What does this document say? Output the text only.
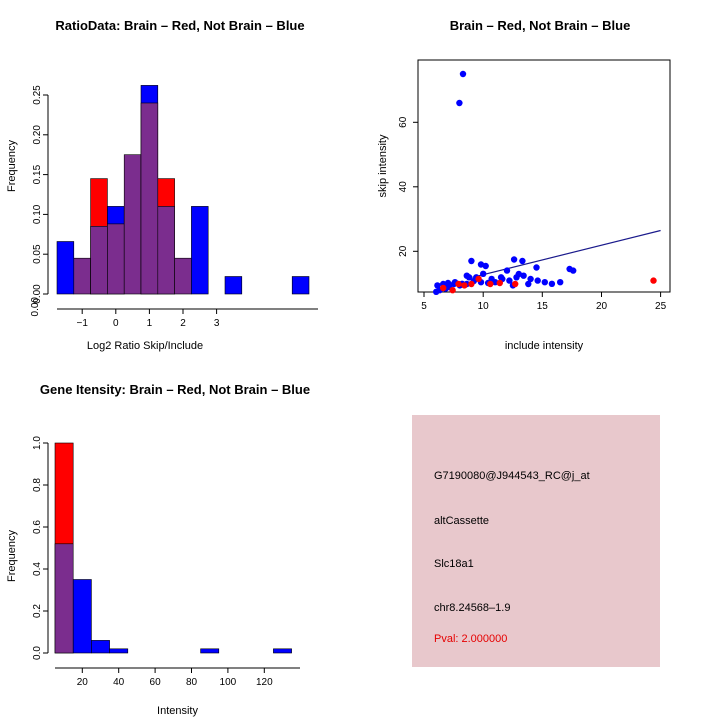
RatioData: Brain – Red, Not Brain – Blue
0.00
0.00
0.05
0.10
0.15
0.20
0.25
−1	0	1	2	3
Log2 Ratio Skip/Include
Frequency
Brain – Red, Not Brain – Blue
20
40
60
5	10	15	20	25
include intensity
skip intensity
Gene Itensity: Brain – Red, Not Brain – Blue
0.0
0.2
0.4
0.6
0.8
1.0
20	40	60	80 100 120
Intensity
Frequency
G7190080@J944543_RC@j_at
altCassette
Slc18a1
chr8.24568–1.9
Pval: 2.000000
